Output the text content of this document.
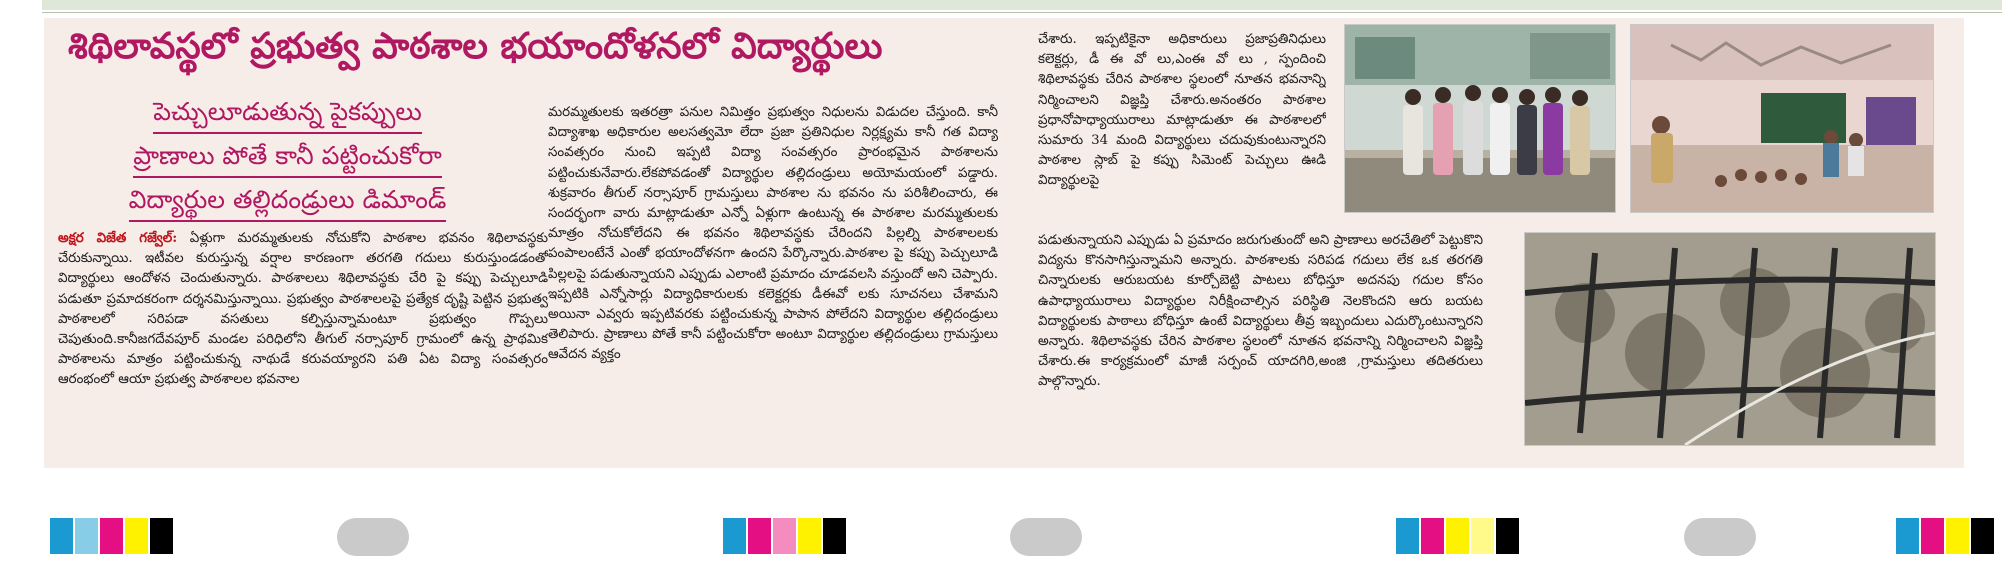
శిథిలావస్థలో ప్రభుత్వ పాఠశాల భయాందోళనలో విద్యార్థులు
పెచ్చులూడుతున్న పైకప్పులు
ప్రాణాలు పోతే కానీ పట్టించుకోరా
విద్యార్థుల తల్లిదండ్రులు డిమాండ్
అక్షర విజేత గజ్వేల్: ఏళ్లుగా మరమ్మతులకు నోచుకోని పాఠశాల భవనం శిథిలావస్థకు చేరుకున్నాయి. ఇటీవల కురుస్తున్న వర్షాల కారణంగా తరగతి గదులు కురుస్తుండడంతో విద్యార్థులు ఆందోళన చెందుతున్నారు. పాఠశాలలు శిథిలావస్థకు చేరి పై కప్పు పెచ్చులూడి పడుతూ ప్రమాదకరంగా దర్శనమిస్తున్నాయి. ప్రభుత్వం పాఠశాలలపై ప్రత్యేక దృష్టి పెట్టిన ప్రభుత్వ పాఠశాలలో సరిపడా వసతులు కల్పిస్తున్నామంటూ ప్రభుత్వం గొప్పలు చెపుతుంది.కానీజగదేవపూర్ మండల పరిధిలోని తీగుల్ నర్సాపూర్ గ్రామంలో ఉన్న ప్రాథమిక పాఠశాలను మాత్రం పట్టించుకున్న నాథుడే కరువయ్యారని పతి ఏట విద్యా సంవత్సరం ఆరంభంలో ఆయా ప్రభుత్వ పాఠశాలల భవనాల
మరమ్మతులకు ఇతరత్రా పనుల నిమిత్తం ప్రభుత్వం నిధులను విడుదల చేస్తుంది. కానీ విద్యాశాఖ అధికారుల అలసత్వమో లేదా ప్రజా ప్రతినిధుల నిర్లక్ష్యమ కానీ గత విద్యా సంవత్సరం నుంచి ఇప్పటి విద్యా సంవత్సరం ప్రారంభమైన పాఠశాలను పట్టించుకునేవారు.లేకపోవడంతో విద్యార్థుల తల్లిదండ్రులు అయోమయంలో పడ్డారు. శుక్రవారం తీగుల్ నర్సాపూర్ గ్రామస్తులు పాఠశాల ను భవనం ను పరిశీలించారు, ఈ సందర్భంగా వారు మాట్లాడుతూ ఎన్నో ఏళ్లుగా ఉంటున్న ఈ పాఠశాల మరమ్మతులకు మాత్రం నోచుకోలేదని ఈ భవనం శిథిలావస్థకు చేరిందని పిల్లల్ని పాఠశాలలకు పంపాలంటేనే ఎంతో భయాందోళనగా ఉందని పేర్కొన్నారు.పాఠశాల పై కప్పు పెచ్చులూడి పిల్లలపై పడుతున్నాయని ఎప్పుడు ఎలాంటి ప్రమాదం చూడవలసి వస్తుందో అని చెప్పారు. ఇప్పటికి ఎన్నోసార్లు విద్యాధికారులకు కలెక్టర్లకు డీఈవో లకు సూచనలు చేశామని అయినా ఎవ్వరు ఇప్పటివరకు పట్టించుకున్న పాపాన పోలేదని విద్యార్థుల తల్లిదండ్రులు తెలిపారు. ప్రాణాలు పోతే కానీ పట్టించుకోరా అంటూ విద్యార్థుల తల్లిదండ్రులు గ్రామస్తులు ఆవేదన వ్యక్తం
చేశారు. ఇప్పటికైనా అధికారులు ప్రజాప్రతినిధులు కలెక్టర్లు, డీ ఈ వో లు,ఎంఈ వో లు , స్పందించి శిథిలావస్థకు చేరిన పాఠశాల స్థలంలో నూతన భవనాన్ని నిర్మించాలని విజ్ఞప్తి చేశారు.అనంతరం పాఠశాల ప్రధానోపాధ్యాయురాలు మాట్లాడుతూ ఈ పాఠశాలలో సుమారు 34 మంది విద్యార్థులు చదువుకుంటున్నారని పాఠశాల స్లాబ్ పై కప్పు సిమెంట్ పెచ్చులు ఊడి విద్యార్థులపై
పడుతున్నాయని ఎప్పుడు ఏ ప్రమాదం జరుగుతుందో అని ప్రాణాలు అరచేతిలో పెట్టుకొని విద్యను కొనసాగిస్తున్నామని అన్నారు. పాఠశాలకు సరిపడ గదులు లేక ఒక తరగతి చిన్నారులకు ఆరుబయట కూర్చోబెట్టి పాటలు బోధిస్తూ అదనపు గదుల కోసం ఉపాధ్యాయురాలు విద్యార్థుల నిరీక్షించాల్సిన పరిస్థితి నెలకొందని ఆరు బయట విద్యార్థులకు పాఠాలు బోధిస్తూ ఉంటే విద్యార్థులు తీవ్ర ఇబ్బందులు ఎదుర్కొంటున్నారని అన్నారు. శిథిలావస్థకు చేరిన పాఠశాల స్థలంలో నూతన భవనాన్ని నిర్మించాలని విజ్ఞప్తి చేశారు.ఈ కార్యక్రమంలో మాజీ సర్పంచ్ యాదగిరి,అంజి ,గ్రామస్తులు తదితరులు పాల్గొన్నారు.
